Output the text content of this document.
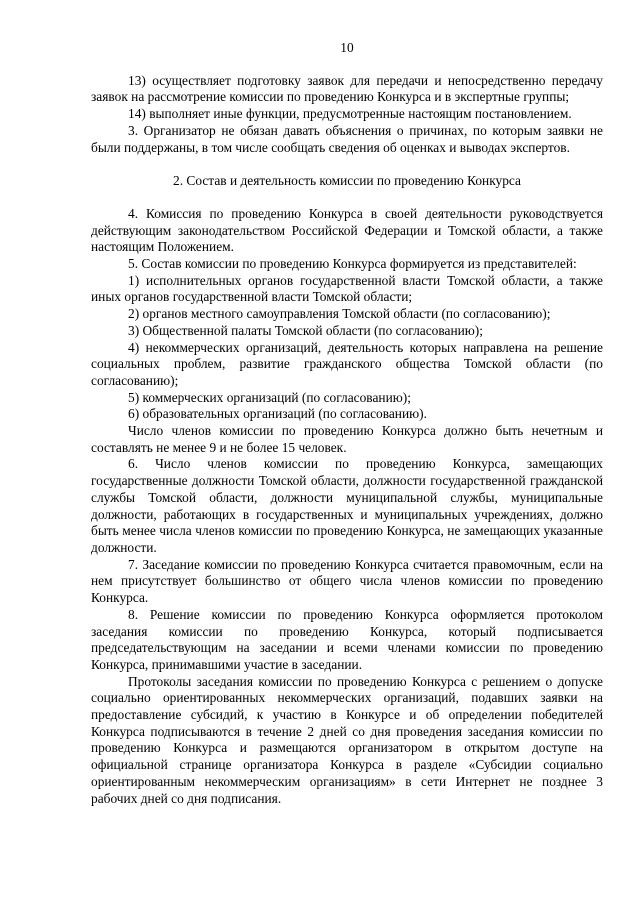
10

13) осуществляет подготовку заявок для передачи и непосредственно передачу заявок на рассмотрение комиссии по проведению Конкурса и в экспертные группы;

14) выполняет иные функции, предусмотренные настоящим постановлением.

3. Организатор не обязан давать объяснения о причинах, по которым заявки не были поддержаны, в том числе сообщать сведения об оценках и выводах экспертов.

2. Состав и деятельность комиссии по проведению Конкурса

4. Комиссия по проведению Конкурса в своей деятельности руководствуется действующим законодательством Российской Федерации и Томской области, а также настоящим Положением.

5. Состав комиссии по проведению Конкурса формируется из представителей:

1) исполнительных органов государственной власти Томской области, а также иных органов государственной власти Томской области;

2) органов местного самоуправления Томской области (по согласованию);

3) Общественной палаты Томской области (по согласованию);

4) некоммерческих организаций, деятельность которых направлена на решение социальных проблем, развитие гражданского общества Томской области (по согласованию);

5) коммерческих организаций (по согласованию);

6) образовательных организаций (по согласованию).

Число членов комиссии по проведению Конкурса должно быть нечетным и составлять не менее 9 и не более 15 человек.

6. Число членов комиссии по проведению Конкурса, замещающих государственные должности Томской области, должности государственной гражданской службы Томской области, должности муниципальной службы, муниципальные должности, работающих в государственных и муниципальных учреждениях, должно быть менее числа членов комиссии по проведению Конкурса, не замещающих указанные должности.

7. Заседание комиссии по проведению Конкурса считается правомочным, если на нем присутствует большинство от общего числа членов комиссии по проведению Конкурса.

8. Решение комиссии по проведению Конкурса оформляется протоколом заседания комиссии по проведению Конкурса, который подписывается председательствующим на заседании и всеми членами комиссии по проведению Конкурса, принимавшими участие в заседании.

Протоколы заседания комиссии по проведению Конкурса с решением о допуске социально ориентированных некоммерческих организаций, подавших заявки на предоставление субсидий, к участию в Конкурсе и об определении победителей Конкурса подписываются в течение 2 дней со дня проведения заседания комиссии по проведению Конкурса и размещаются организатором в открытом доступе на официальной странице организатора Конкурса в разделе «Субсидии социально ориентированным некоммерческим организациям» в сети Интернет не позднее 3 рабочих дней со дня подписания.
